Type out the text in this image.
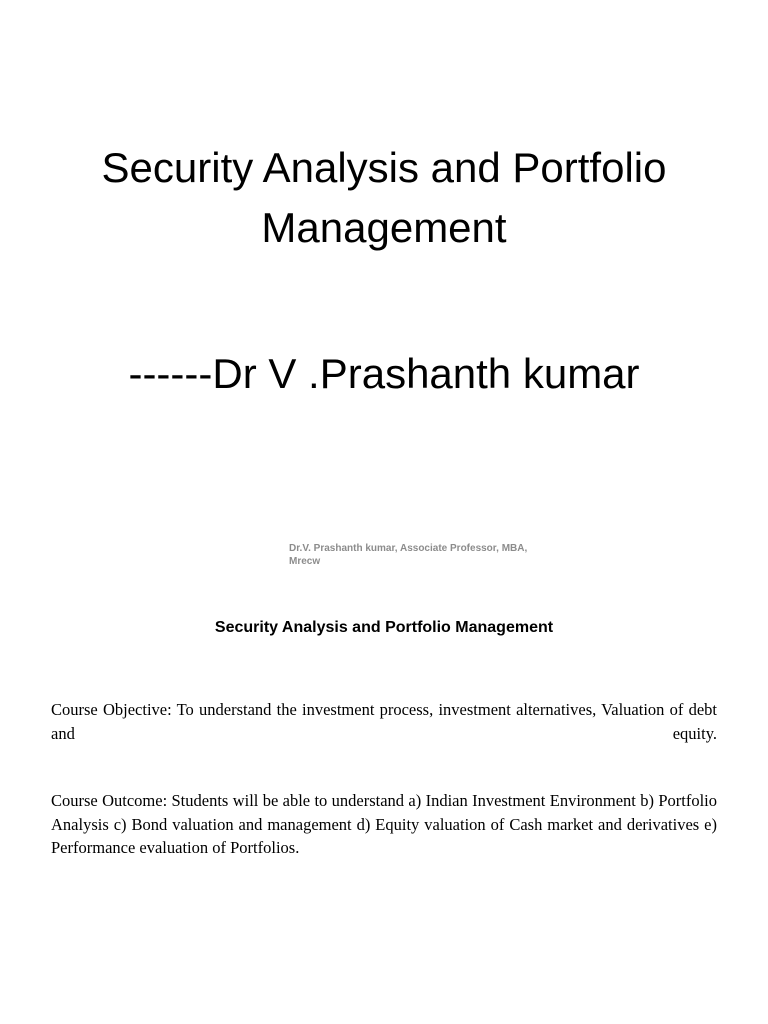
Security Analysis and Portfolio
Management
------Dr V .Prashanth kumar
Dr.V. Prashanth kumar, Associate Professor, MBA,
Mrecw
Security Analysis and Portfolio Management

Course Objective: To understand the investment process, investment alternatives, Valuation of debt and equity.

Course Outcome: Students will be able to understand a) Indian Investment Environment b) Portfolio Analysis c) Bond valuation and management d) Equity valuation of Cash market and derivatives e) Performance evaluation of Portfolios.
